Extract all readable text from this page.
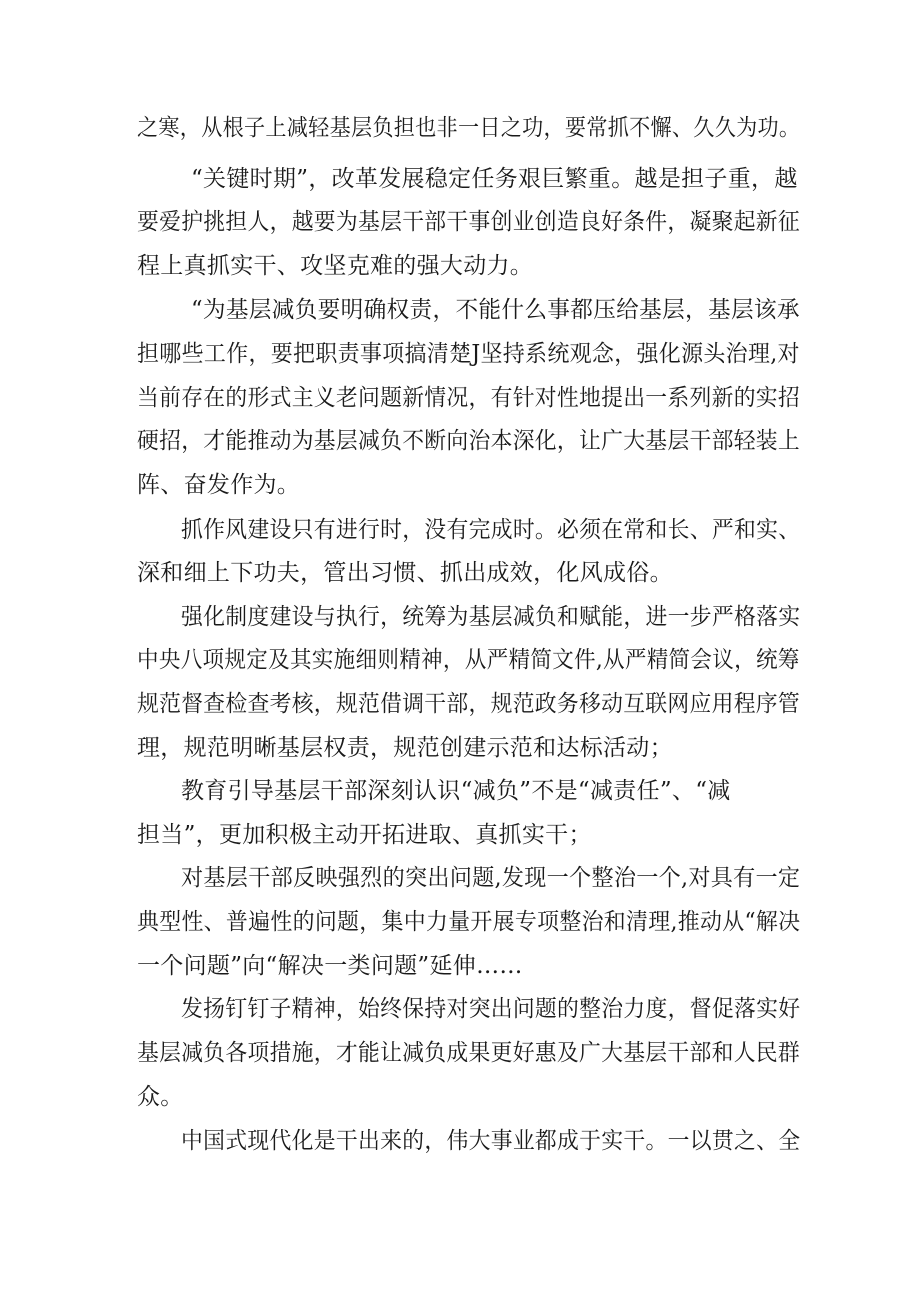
之寒，从根子上减轻基层负担也非一日之功，要常抓不懈、久久为功。
“关键时期”，改革发展稳定任务艰巨繁重。越是担子重，越
要爱护挑担人，越要为基层干部干事创业创造良好条件，凝聚起新征
程上真抓实干、攻坚克难的强大动力。
“为基层减负要明确权责，不能什么事都压给基层，基层该承
担哪些工作，要把职责事项搞清楚J坚持系统观念，强化源头治理,对
当前存在的形式主义老问题新情况，有针对性地提出一系列新的实招
硬招，才能推动为基层减负不断向治本深化，让广大基层干部轻装上
阵、奋发作为。
抓作风建设只有进行时，没有完成时。必须在常和长、严和实、
深和细上下功夫，管出习惯、抓出成效，化风成俗。
强化制度建设与执行，统筹为基层减负和赋能，进一步严格落实
中央八项规定及其实施细则精神，从严精简文件,从严精简会议，统筹
规范督查检查考核，规范借调干部，规范政务移动互联网应用程序管
理，规范明晰基层权责，规范创建示范和达标活动；
教育引导基层干部深刻认识“减负”不是“减责任”、“减
担当”，更加积极主动开拓进取、真抓实干；
对基层干部反映强烈的突出问题,发现一个整治一个,对具有一定
典型性、普遍性的问题，集中力量开展专项整治和清理,推动从“解决
一个问题”向“解决一类问题”延伸……
发扬钉钉子精神，始终保持对突出问题的整治力度，督促落实好
基层减负各项措施，才能让减负成果更好惠及广大基层干部和人民群
众。
中国式现代化是干出来的，伟大事业都成于实干。一以贯之、全
